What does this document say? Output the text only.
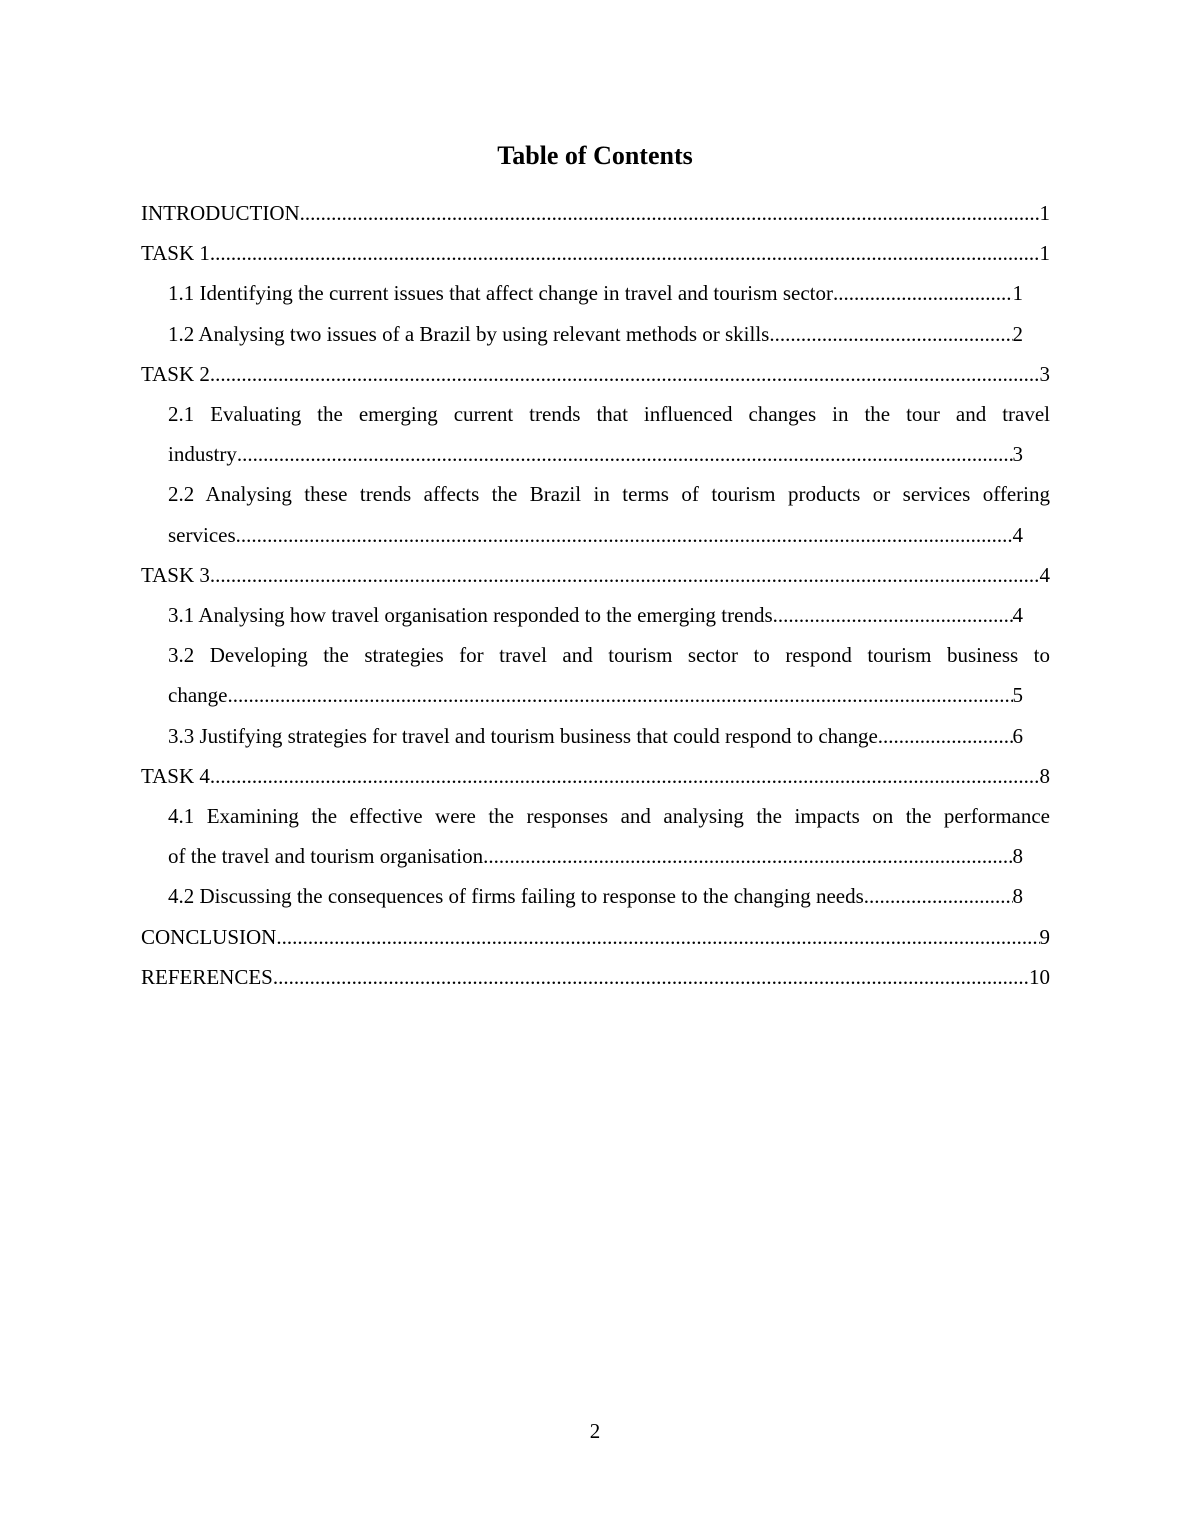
Table of Contents
INTRODUCTION .....	1
TASK 1 .....	1
1.1 Identifying the current issues that affect change in travel and tourism sector .....	1
1.2 Analysing two issues of a Brazil by using relevant methods or skills .....	2
TASK 2 .....	3
2.1 Evaluating the emerging current trends that influenced changes in the tour and travel
industry .....	3
2.2 Analysing these trends affects the Brazil in terms of tourism products or services offering
services .....	4
TASK 3 .....	4
3.1 Analysing how travel organisation responded to the emerging trends .....	4
3.2 Developing the strategies for travel and tourism sector to respond tourism business to
change .....	5
3.3 Justifying strategies for travel and tourism business that could respond to change .....	6
TASK 4 .....	8
4.1 Examining the effective were the responses and analysing the impacts on the performance
of the travel and tourism organisation .....	8
4.2 Discussing the consequences of firms failing to response to the changing needs .....	8
CONCLUSION .....	9
REFERENCES .....	10
2
